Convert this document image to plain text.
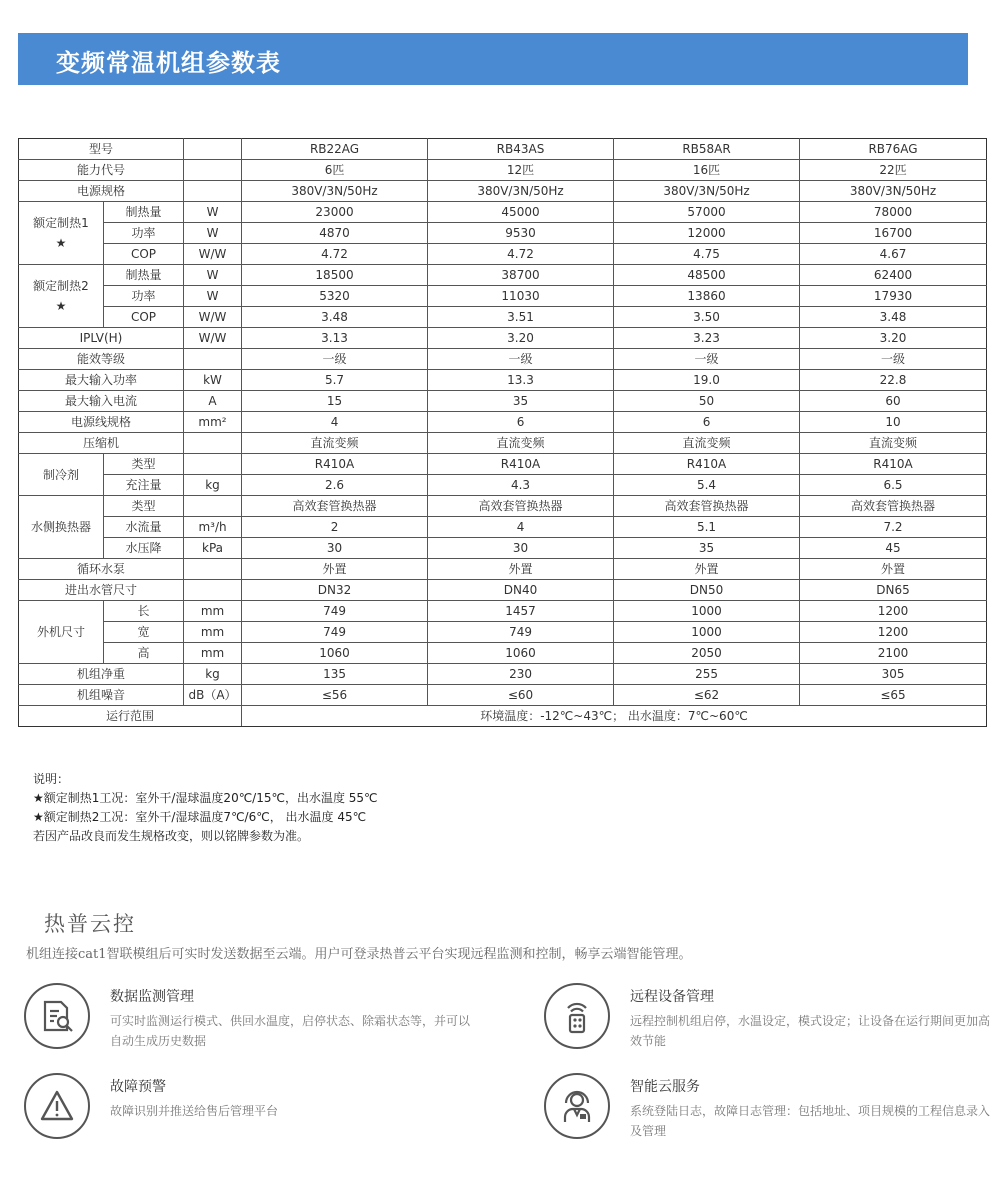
变频常温机组参数表
型号			RB22AG	RB43AS	RB58AR	RB76AG
能力代号			6匹	12匹	16匹	22匹
电源规格			380V/3N/50Hz	380V/3N/50Hz	380V/3N/50Hz	380V/3N/50Hz
额定制热1
★	制热量	W	23000	45000	57000	78000
	功率	W	4870	9530	12000	16700
	COP	W/W	4.72	4.72	4.75	4.67
额定制热2
★	制热量	W	18500	38700	48500	62400
	功率	W	5320	11030	13860	17930
	COP	W/W	3.48	3.51	3.50	3.48
IPLV(H)		W/W	3.13	3.20	3.23	3.20
能效等级			一级	一级	一级	一级
最大输入功率		kW	5.7	13.3	19.0	22.8
最大输入电流		A	15	35	50	60
电源线规格		mm²	4	6	6	10
压缩机			直流变频	直流变频	直流变频	直流变频
制冷剂	类型		R410A	R410A	R410A	R410A
	充注量	kg	2.6	4.3	5.4	6.5
水侧换热器	类型		高效套管换热器	高效套管换热器	高效套管换热器	高效套管换热器
	水流量	m³/h	2	4	5.1	7.2
	水压降	kPa	30	30	35	45
循环水泵			外置	外置	外置	外置
进出水管尺寸			DN32	DN40	DN50	DN65
外机尺寸	长	mm	749	1457	1000	1200
	宽	mm	749	749	1000	1200
	高	mm	1060	1060	2050	2100
机组净重		kg	135	230	255	305
机组噪音		dB（A）	≤56	≤60	≤62	≤65
运行范围			环境温度：-12℃~43℃； 出水温度：7℃~60℃			
说明：
★额定制热1工况：室外干/湿球温度20℃/15℃，出水温度 55℃
★额定制热2工况：室外干/湿球温度7℃/6℃， 出水温度 45℃
若因产品改良而发生规格改变，则以铭牌参数为准。
热普云控
机组连接cat1智联模组后可实时发送数据至云端。用户可登录热普云平台实现远程监测和控制，畅享云端智能管理。
数据监测管理
可实时监测运行模式、供回水温度，启停状态、除霜状态等，并可以自动生成历史数据
远程设备管理
远程控制机组启停，水温设定，模式设定；让设备在运行期间更加高效节能
故障预警
故障识别并推送给售后管理平台
智能云服务
系统登陆日志，故障日志管理：包括地址、项目规模的工程信息录入及管理
